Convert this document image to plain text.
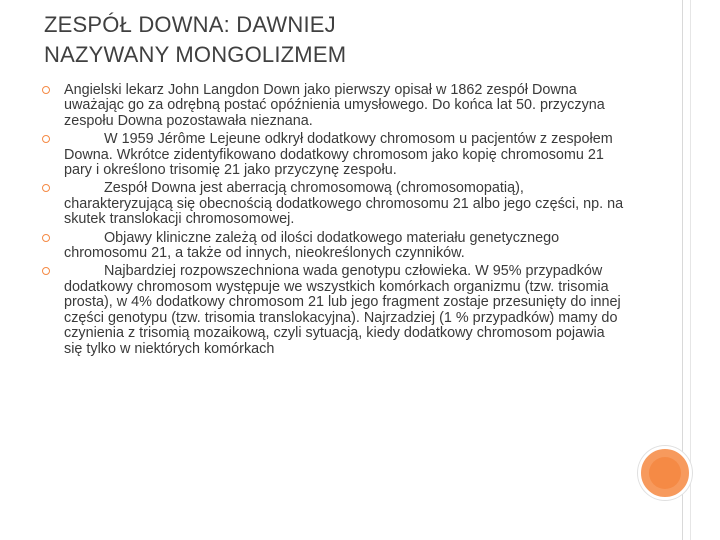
ZESPÓŁ DOWNA: DAWNIEJ
NAZYWANY MONGOLIZMEM
Angielski lekarz John Langdon Down jako pierwszy opisał w 1862 zespół Downa uważając go za odrębną postać opóźnienia umysłowego. Do końca lat 50. przyczyna zespołu Downa pozostawała nieznana.
W 1959 Jérôme Lejeune odkrył dodatkowy chromosom u pacjentów z zespołem Downa. Wkrótce zidentyfikowano dodatkowy chromosom jako kopię chromosomu 21 pary i określono trisomię 21 jako przyczynę zespołu.
Zespół Downa jest aberracją chromosomową (chromosomopatią), charakteryzującą się obecnością dodatkowego chromosomu 21 albo jego części, np. na skutek translokacji chromosomowej.
Objawy kliniczne zależą od ilości dodatkowego materiału genetycznego chromosomu 21, a także od innych, nieokreślonych czynników.
Najbardziej rozpowszechniona wada genotypu człowieka. W 95% przypadków dodatkowy chromosom występuje we wszystkich komórkach organizmu (tzw. trisomia prosta), w 4% dodatkowy chromosom 21 lub jego fragment zostaje przesunięty do innej części genotypu (tzw. trisomia translokacyjna). Najrzadziej (1 % przypadków) mamy do czynienia z trisomią mozaikową, czyli sytuacją, kiedy dodatkowy chromosom pojawia się tylko w niektórych komórkach
